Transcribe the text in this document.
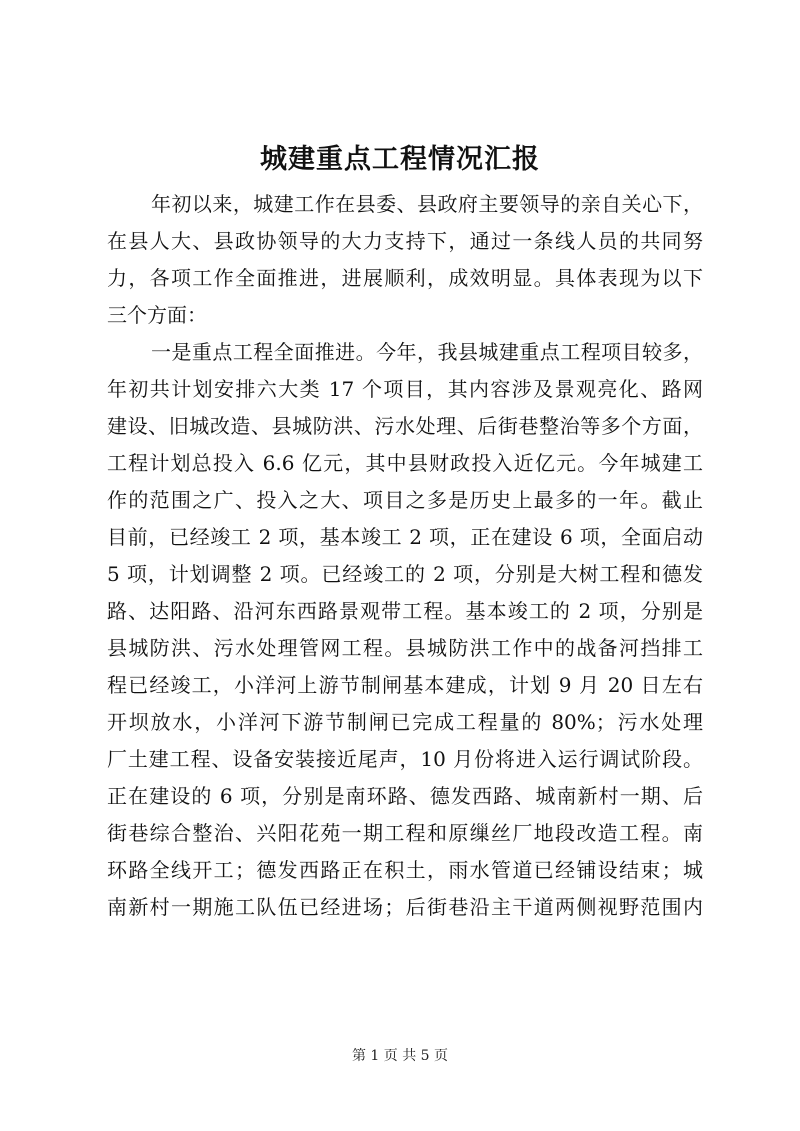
城建重点工程情况汇报
年初以来，城建工作在县委、县政府主要领导的亲自关心下，
在县人大、县政协领导的大力支持下，通过一条线人员的共同努
力，各项工作全面推进，进展顺利，成效明显。具体表现为以下
三个方面：
一是重点工程全面推进。今年，我县城建重点工程项目较多，
年初共计划安排六大类 17 个项目，其内容涉及景观亮化、路网
建设、旧城改造、县城防洪、污水处理、后街巷整治等多个方面，
工程计划总投入 6.6 亿元，其中县财政投入近亿元。今年城建工
作的范围之广、投入之大、项目之多是历史上最多的一年。截止
目前，已经竣工 2 项，基本竣工 2 项，正在建设 6 项，全面启动
5 项，计划调整 2 项。已经竣工的 2 项，分别是大树工程和德发
路、达阳路、沿河东西路景观带工程。基本竣工的 2 项，分别是
县城防洪、污水处理管网工程。县城防洪工作中的战备河挡排工
程已经竣工，小洋河上游节制闸基本建成，计划 9 月 20 日左右
开坝放水，小洋河下游节制闸已完成工程量的 80%；污水处理
厂土建工程、设备安装接近尾声，10 月份将进入运行调试阶段。
正在建设的 6 项，分别是南环路、德发西路、城南新村一期、后
街巷综合整治、兴阳花苑一期工程和原缫丝厂地段改造工程。南
环路全线开工；德发西路正在积土，雨水管道已经铺设结束；城
南新村一期施工队伍已经进场；后街巷沿主干道两侧视野范围内
第 1 页 共 5 页
